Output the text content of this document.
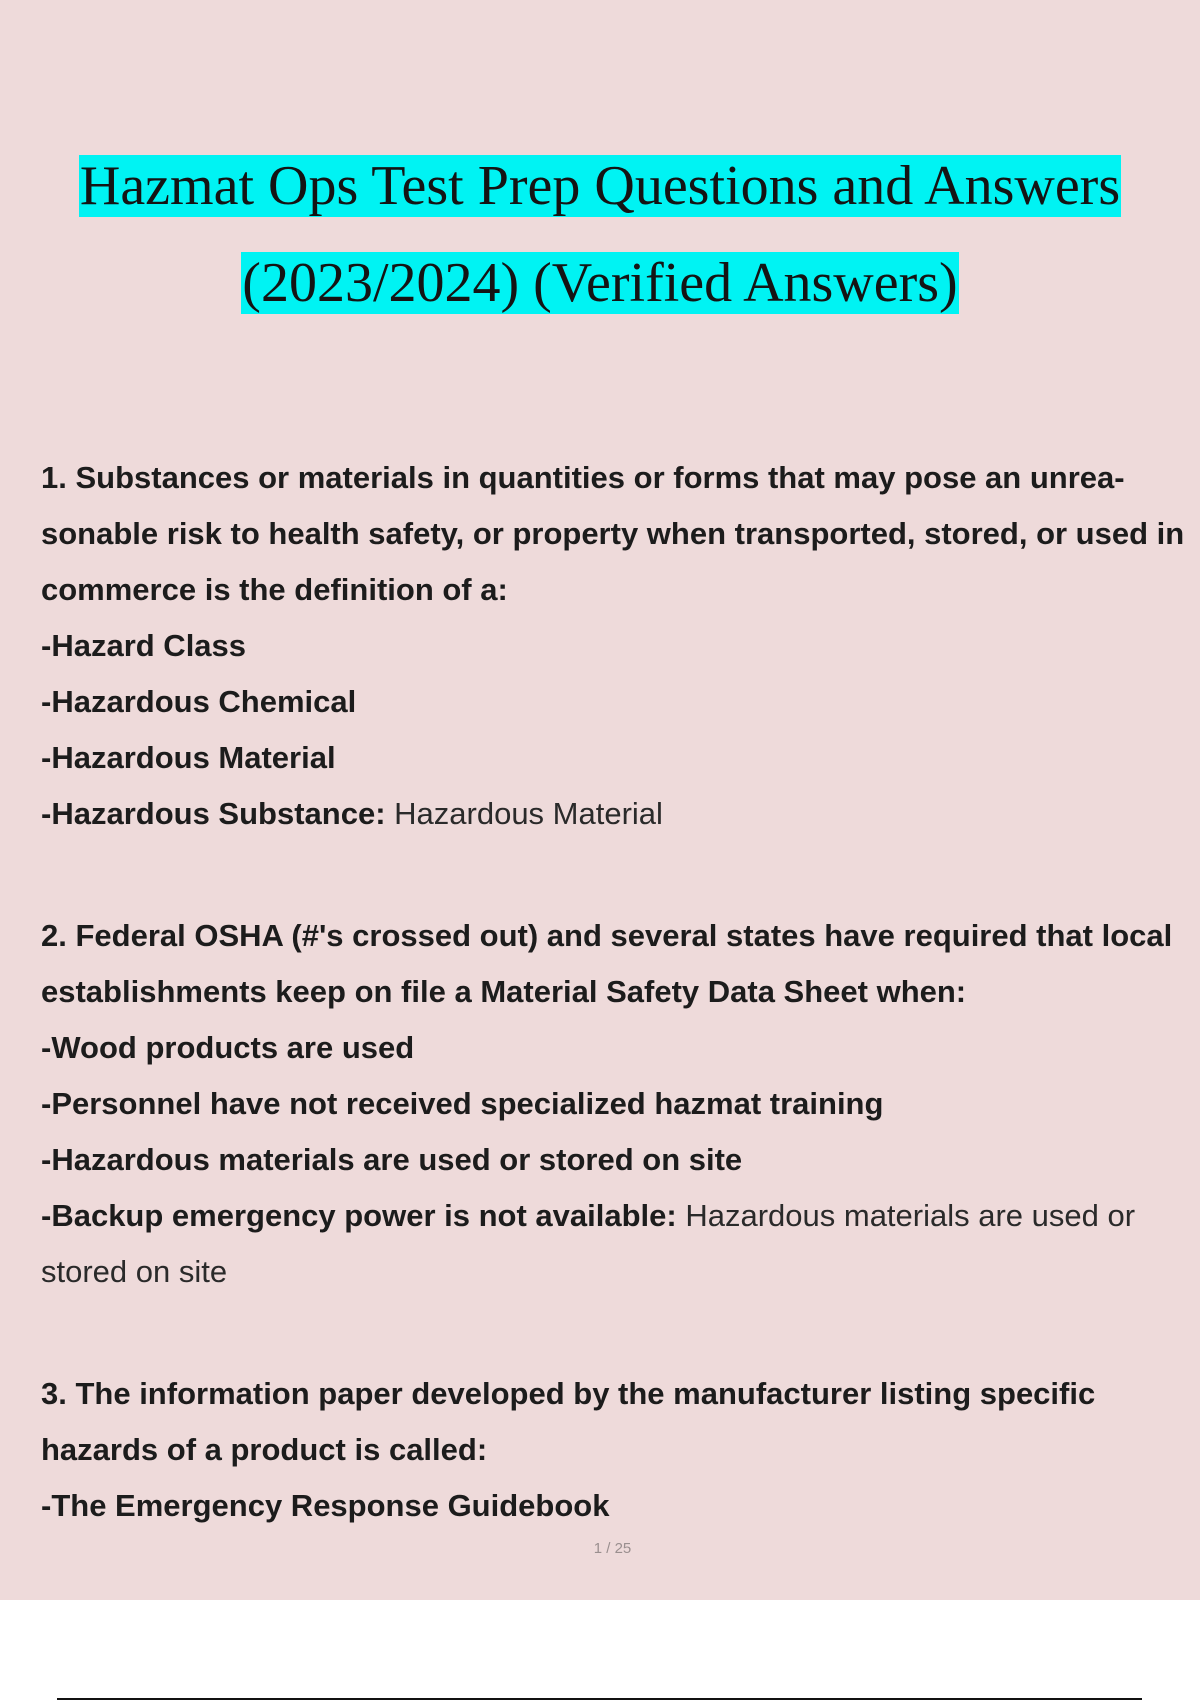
Hazmat Ops Test Prep Questions and Answers
(2023/2024) (Verified Answers)
1. Substances or materials in quantities or forms that may pose an unrea-sonable risk to health safety, or property when transported, stored, or used in commerce is the definition of a:
-Hazard Class
-Hazardous Chemical
-Hazardous Material
-Hazardous Substance: Hazardous Material
2. Federal OSHA (#'s crossed out) and several states have required that local establishments keep on file a Material Safety Data Sheet when:
-Wood products are used
-Personnel have not received specialized hazmat training
-Hazardous materials are used or stored on site
-Backup emergency power is not available: Hazardous materials are used or stored on site
3. The information paper developed by the manufacturer listing specific hazards of a product is called:
-The Emergency Response Guidebook
1 / 25
